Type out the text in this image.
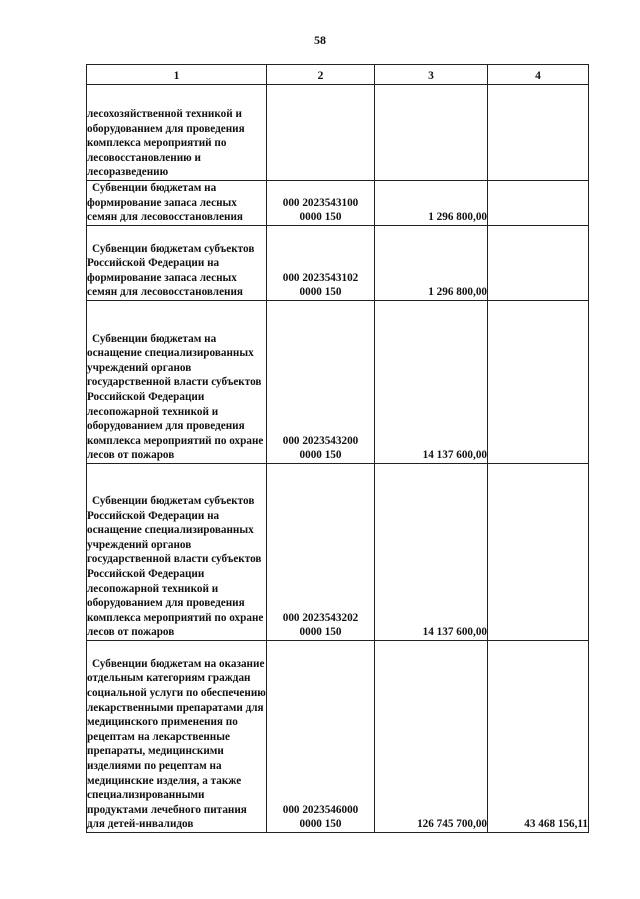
58
1	2	3	4

лесохозяйственной техникой и оборудованием для проведения комплекса мероприятий по лесовосстановлению и лесоразведению			

Субвенции бюджетам на формирование запаса лесных семян для лесовосстановления	000 2023543100
0000 150	1 296 800,00	

Субвенции бюджетам субъектов Российской Федерации на формирование запаса лесных семян для лесовосстановления	000 2023543102
0000 150	1 296 800,00	

Субвенции бюджетам на оснащение специализированных учреждений органов государственной власти субъектов Российской Федерации лесопожарной техникой и оборудованием для проведения комплекса мероприятий по охране лесов от пожаров	000 2023543200
0000 150	14 137 600,00	

Субвенции бюджетам субъектов Российской Федерации на оснащение специализированных учреждений органов государственной власти субъектов Российской Федерации лесопожарной техникой и оборудованием для проведения комплекса мероприятий по охране лесов от пожаров	000 2023543202
0000 150	14 137 600,00	

Субвенции бюджетам на оказание отдельным категориям граждан социальной услуги по обеспечению лекарственными препаратами для медицинского применения по рецептам на лекарственные препараты, медицинскими изделиями по рецептам на медицинские изделия, а также специализированными продуктами лечебного питания для детей-инвалидов	000 2023546000
0000 150	126 745 700,00	43 468 156,11
